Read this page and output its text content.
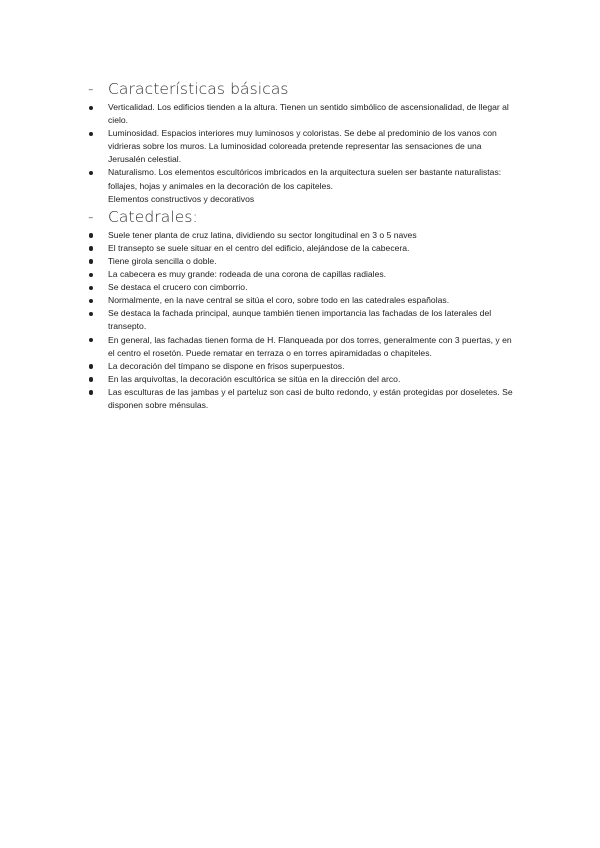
- Características básicas
Verticalidad. Los edificios tienden a la altura. Tienen un sentido simbólico de ascensionalidad, de llegar al cielo.
Luminosidad. Espacios interiores muy luminosos y coloristas. Se debe al predominio de los vanos con vidrieras sobre los muros. La luminosidad coloreada pretende representar las sensaciones de una Jerusalén celestial.
Naturalismo. Los elementos escultóricos imbricados en la arquitectura suelen ser bastante naturalistas: follajes, hojas y animales en la decoración de los capiteles.
Elementos constructivos y decorativos
- Catedrales:
Suele tener planta de cruz latina, dividiendo su sector longitudinal en 3 o 5 naves
El transepto se suele situar en el centro del edificio, alejándose de la cabecera.
Tiene girola sencilla o doble.
La cabecera es muy grande: rodeada de una corona de capillas radiales.
Se destaca el crucero con cimborrio.
Normalmente, en la nave central se sitúa el coro, sobre todo en las catedrales españolas.
Se destaca la fachada principal, aunque también tienen importancia las fachadas de los laterales del transepto.
En general, las fachadas tienen forma de H. Flanqueada por dos torres, generalmente con 3 puertas, y en el centro el rosetón. Puede rematar en terraza o en torres apiramidadas o chapiteles.
La decoración del tímpano se dispone en frisos superpuestos.
En las arquivoltas, la decoración escultórica se sitúa en la dirección del arco.
Las esculturas de las jambas y el parteluz son casi de bulto redondo, y están protegidas por doseletes. Se disponen sobre ménsulas.
